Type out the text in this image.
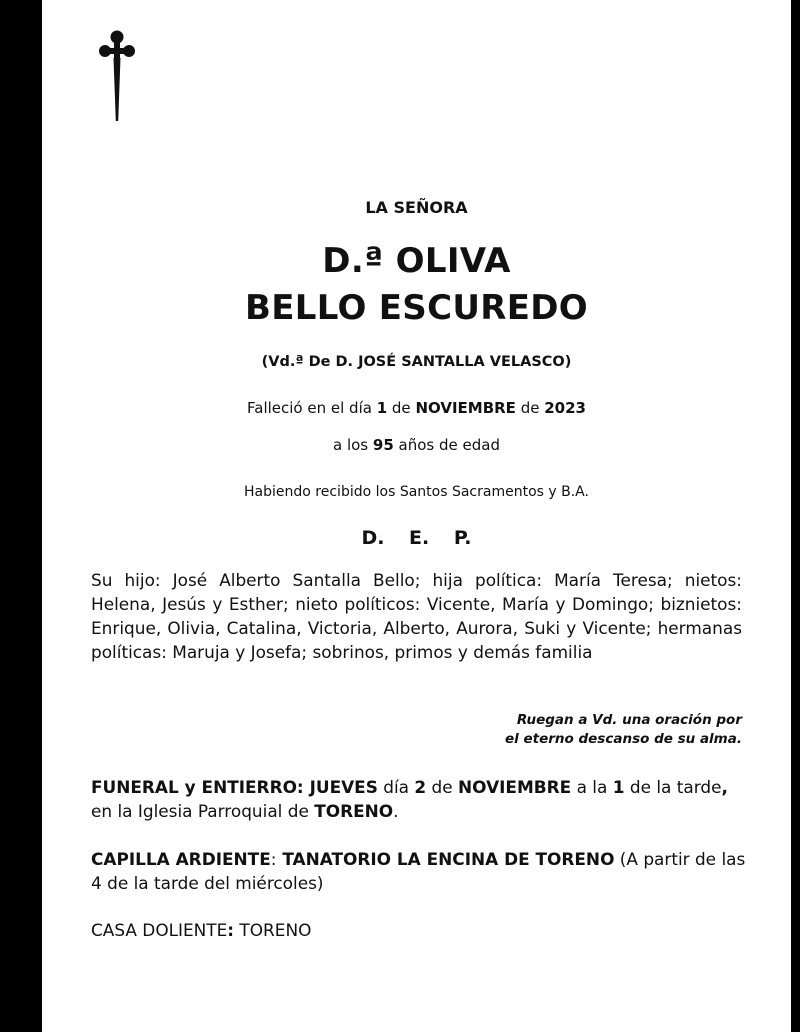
LA SEÑORA
D.ª OLIVA
BELLO ESCUREDO
(Vd.ª De D. JOSÉ SANTALLA VELASCO)
Falleció en el día 1 de NOVIEMBRE de 2023
a los 95 años de edad
Habiendo recibido los Santos Sacramentos y B.A.
D. E. P.

Su hijo: José Alberto Santalla Bello; hija política: María Teresa; nietos: Helena, Jesús y Esther; nieto políticos: Vicente, María y Domingo; biznietos: Enrique, Olivia, Catalina, Victoria, Alberto, Aurora, Suki y Vicente; hermanas políticas: Maruja y Josefa; sobrinos, primos y demás familia

Ruegan a Vd. una oración por
el eterno descanso de su alma.

FUNERAL y ENTIERRO: JUEVES día 2 de NOVIEMBRE a la 1 de la tarde, en la Iglesia Parroquial de TORENO.

CAPILLA ARDIENTE: TANATORIO LA ENCINA DE TORENO (A partir de las 4 de la tarde del miércoles)

CASA DOLIENTE: TORENO
